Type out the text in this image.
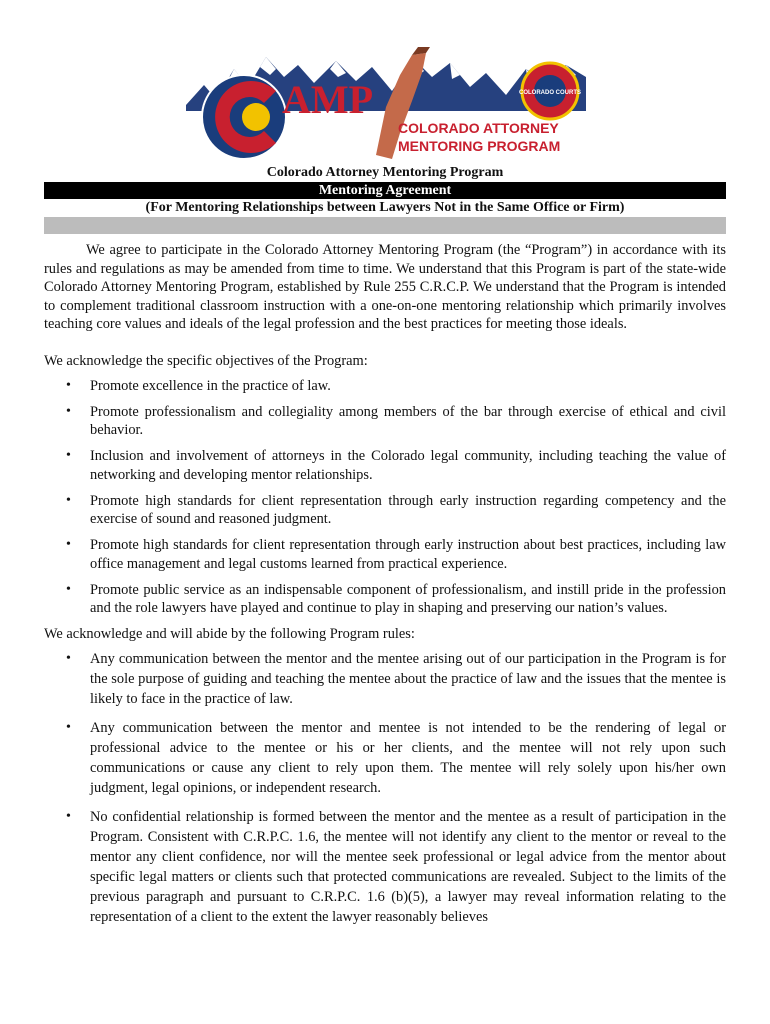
AMP	COLORADO COURTS
COLORADO ATTORNEY
MENTORING PROGRAM
Colorado Attorney Mentoring Program
Mentoring Agreement
(For Mentoring Relationships between Lawyers Not in the Same Office or Firm)

We agree to participate in the Colorado Attorney Mentoring Program (the “Program”) in accordance with its rules and regulations as may be amended from time to time. We understand that this Program is part of the state-wide Colorado Attorney Mentoring Program, established by Rule 255 C.R.C.P. We understand that the Program is intended to complement traditional classroom instruction with a one-on-one mentoring relationship which primarily involves teaching core values and ideals of the legal profession and the best practices for meeting those ideals.

We acknowledge the specific objectives of the Program:

• Promote excellence in the practice of law.
• Promote professionalism and collegiality among members of the bar through exercise of ethical and civil behavior.
• Inclusion and involvement of attorneys in the Colorado legal community, including teaching the value of networking and developing mentor relationships.
• Promote high standards for client representation through early instruction regarding competency and the exercise of sound and reasoned judgment.
• Promote high standards for client representation through early instruction about best practices, including law office management and legal customs learned from practical experience.
• Promote public service as an indispensable component of professionalism, and instill pride in the profession and the role lawyers have played and continue to play in shaping and preserving our nation’s values.

We acknowledge and will abide by the following Program rules:

• Any communication between the mentor and the mentee arising out of our participation in the Program is for the sole purpose of guiding and teaching the mentee about the practice of law and the issues that the mentee is likely to face in the practice of law.
• Any communication between the mentor and mentee is not intended to be the rendering of legal or professional advice to the mentee or his or her clients, and the mentee will not rely upon such communications or cause any client to rely upon them. The mentee will rely solely upon his/her own judgment, legal opinions, or independent research.
• No confidential relationship is formed between the mentor and the mentee as a result of participation in the Program. Consistent with C.R.P.C. 1.6, the mentee will not identify any client to the mentor or reveal to the mentor any client confidence, nor will the mentee seek professional or legal advice from the mentor about specific legal matters or clients such that protected communications are revealed. Subject to the limits of the previous paragraph and pursuant to C.R.P.C. 1.6 (b)(5), a lawyer may reveal information relating to the representation of a client to the extent the lawyer reasonably believes
